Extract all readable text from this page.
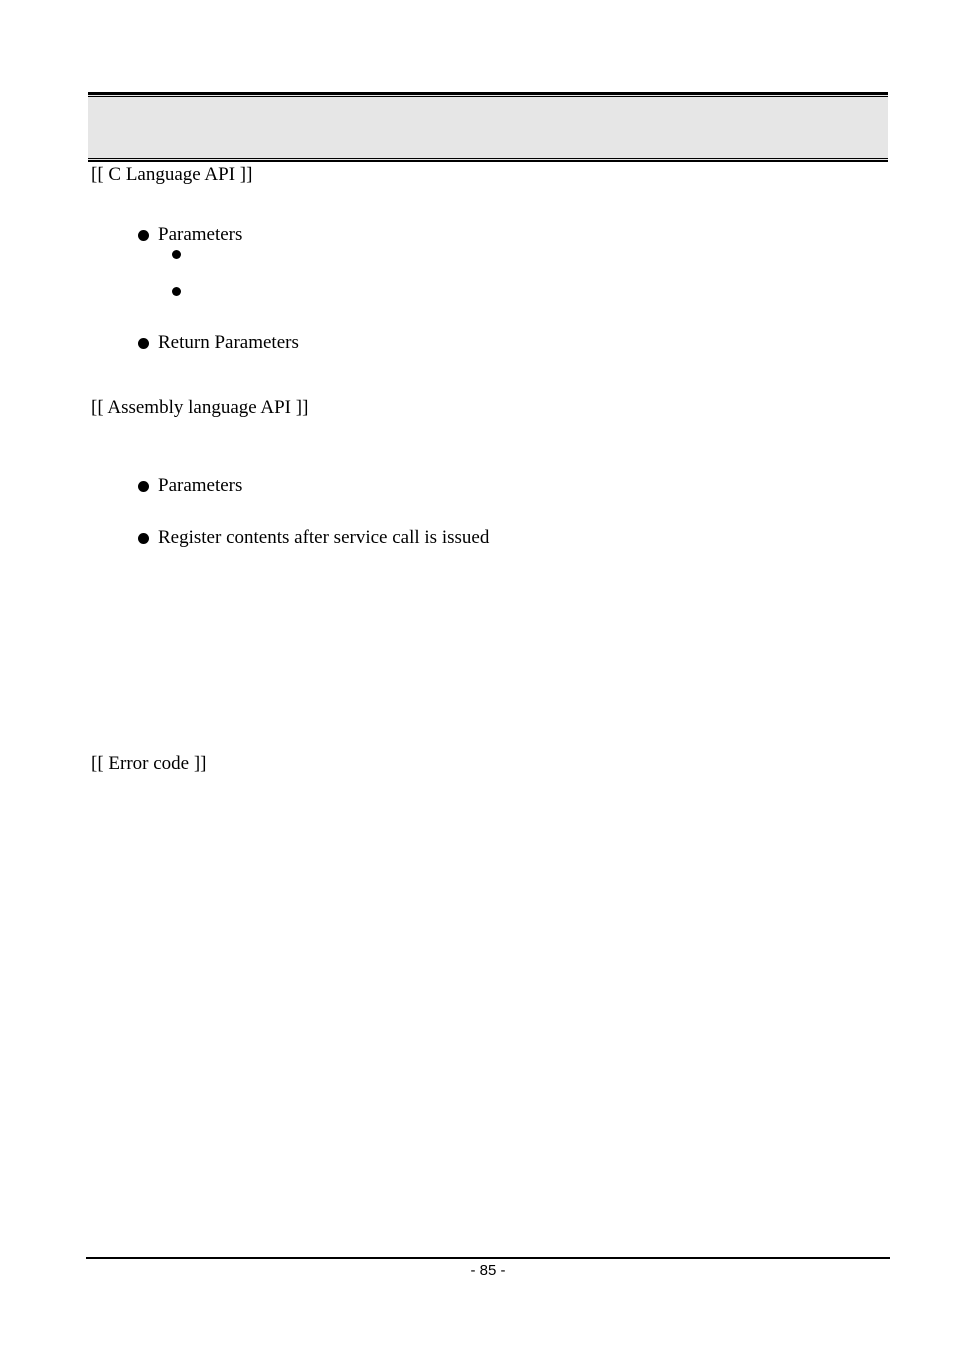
[[ C Language API ]]
Parameters
Return Parameters
[[ Assembly language API ]]
Parameters
Register contents after service call is issued
[[ Error code ]]
- 85 -
